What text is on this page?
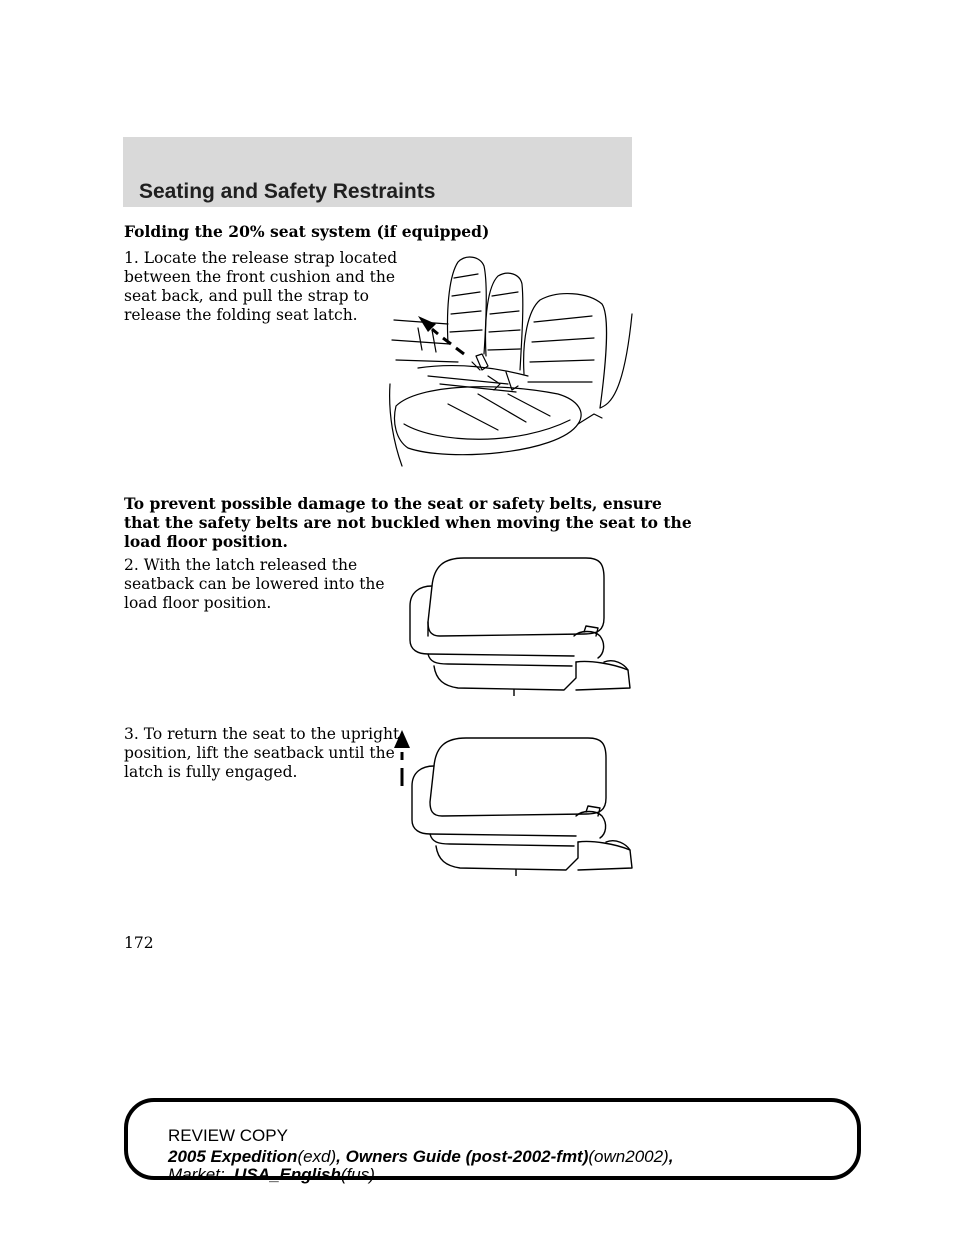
Seating and Safety Restraints
Folding the 20% seat system (if equipped)
1. Locate the release strap located
between the front cushion and the
seat back, and pull the strap to
release the folding seat latch.
To prevent possible damage to the seat or safety belts, ensure
that the safety belts are not buckled when moving the seat to the
load floor position.
2. With the latch released the
seatback can be lowered into the
load floor position.
3. To return the seat to the upright
position, lift the seatback until the
latch is fully engaged.
172
REVIEW COPY
2005 Expedition(exd), Owners Guide (post-2002-fmt)(own2002),
Market: USA_English(fus)
